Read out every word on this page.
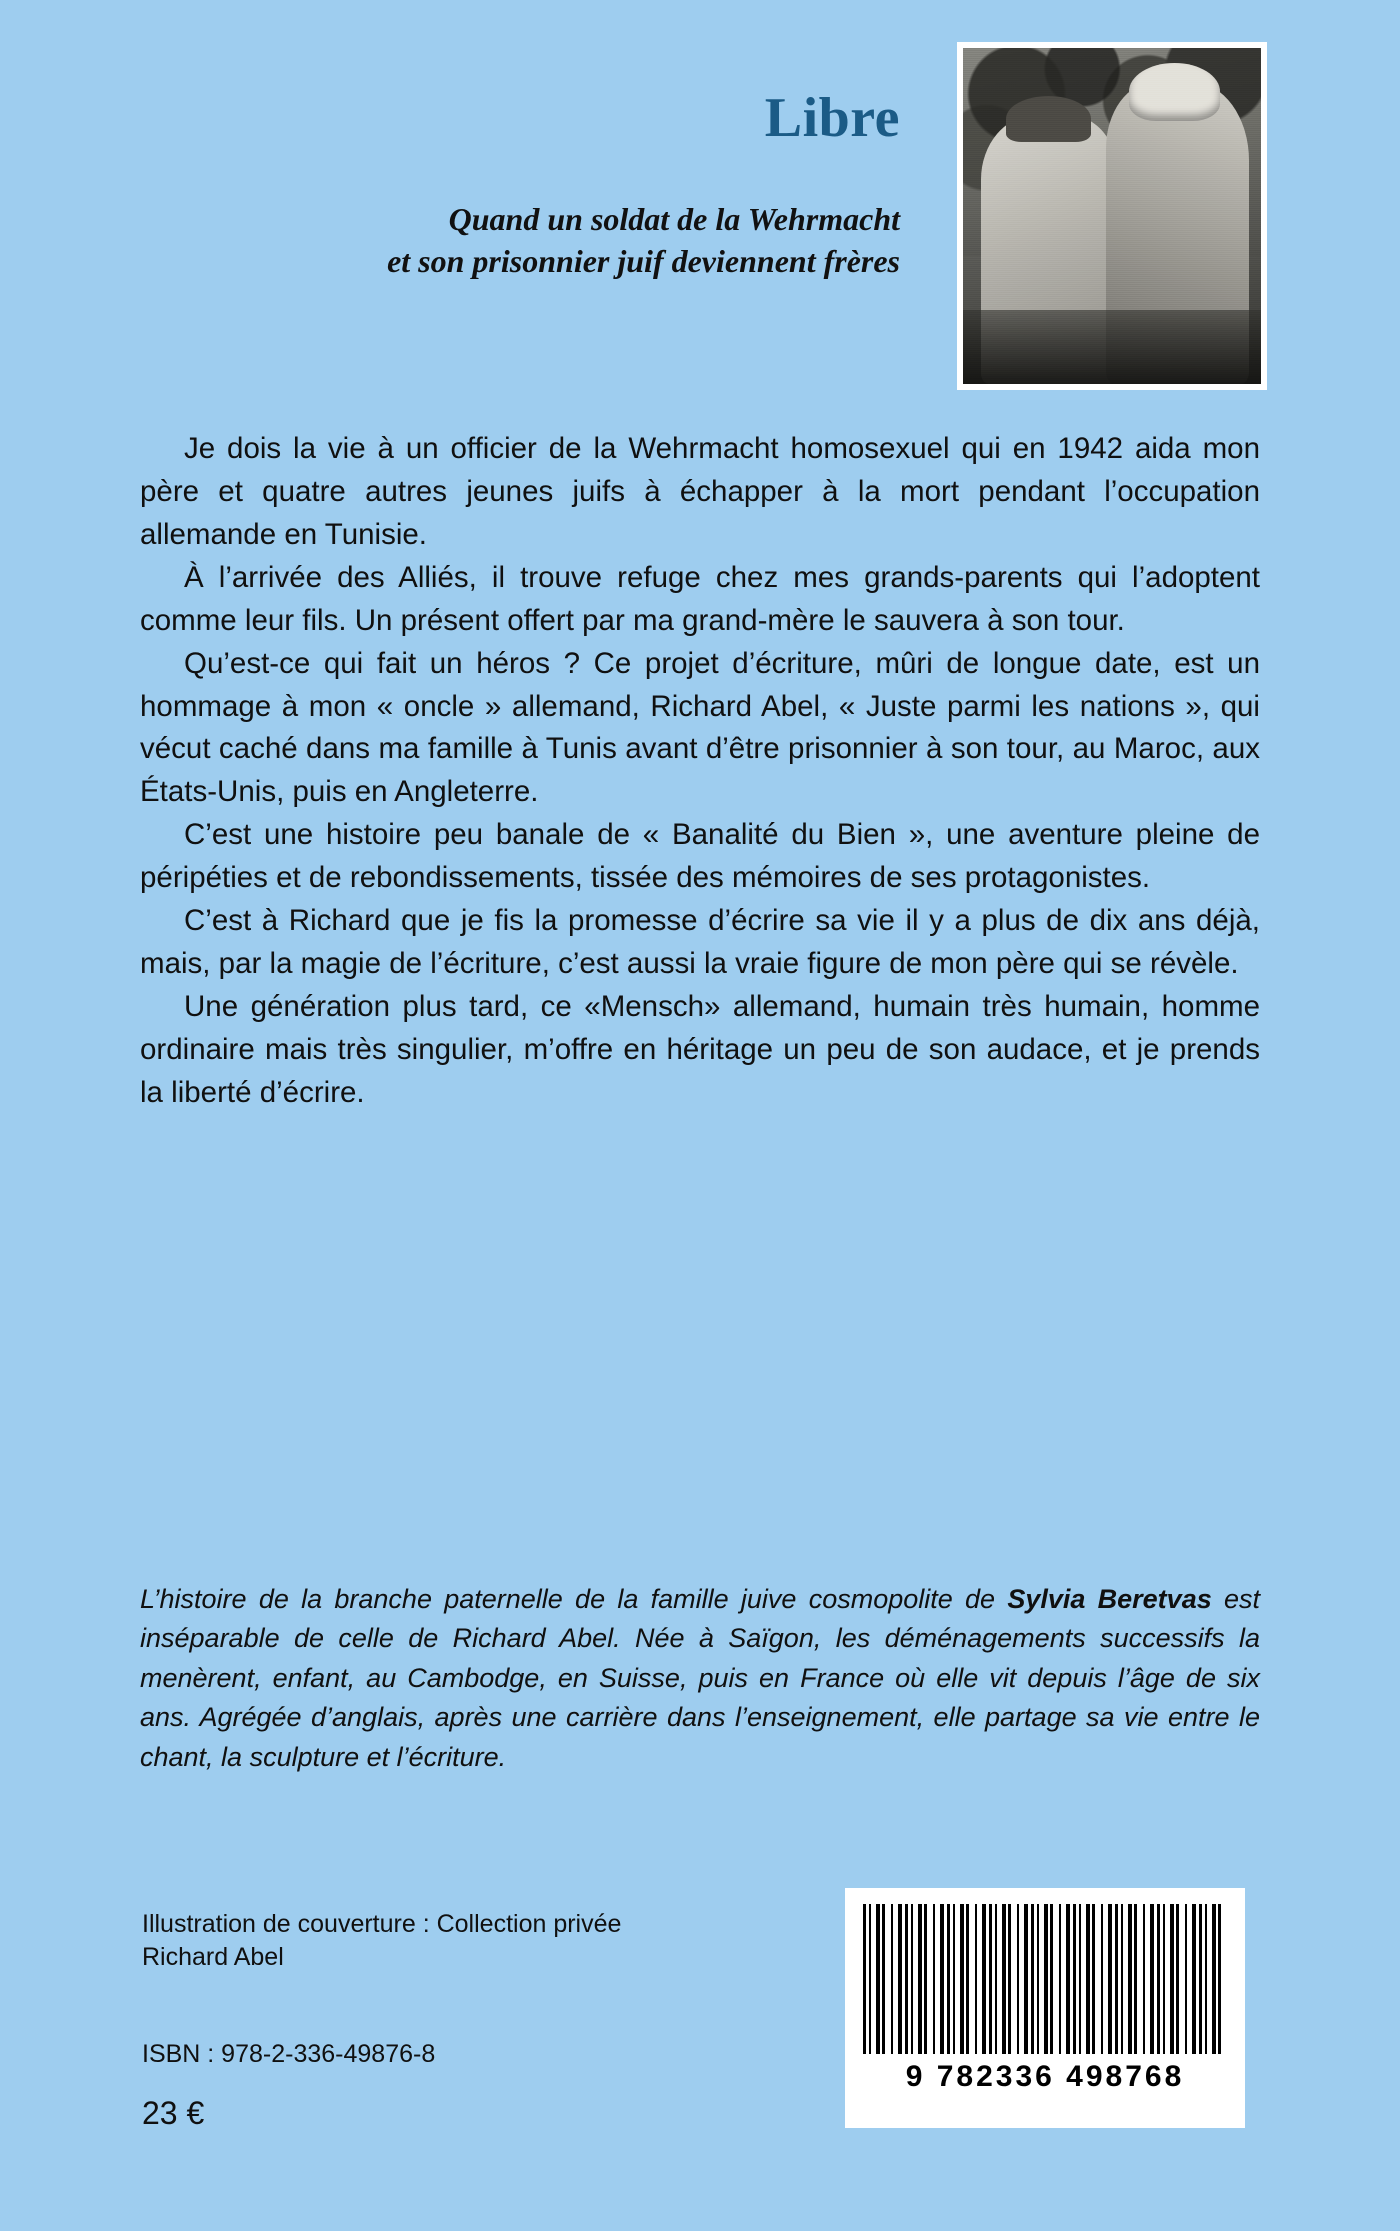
Libre
Quand un soldat de la Wehrmacht
et son prisonnier juif deviennent frères

Je dois la vie à un officier de la Wehrmacht homosexuel qui en 1942 aida mon père et quatre autres jeunes juifs à échapper à la mort pendant l’occupation allemande en Tunisie.

À l’arrivée des Alliés, il trouve refuge chez mes grands-parents qui l’adoptent comme leur fils. Un présent offert par ma grand-mère le sauvera à son tour.

Qu’est-ce qui fait un héros ? Ce projet d’écriture, mûri de longue date, est un hommage à mon « oncle » allemand, Richard Abel, « Juste parmi les nations », qui vécut caché dans ma famille à Tunis avant d’être prisonnier à son tour, au Maroc, aux États-Unis, puis en Angleterre.

C’est une histoire peu banale de « Banalité du Bien », une aventure pleine de péripéties et de rebondissements, tissée des mémoires de ses protagonistes.

C’est à Richard que je fis la promesse d’écrire sa vie il y a plus de dix ans déjà, mais, par la magie de l’écriture, c’est aussi la vraie figure de mon père qui se révèle.

Une génération plus tard, ce «Mensch» allemand, humain très humain, homme ordinaire mais très singulier, m’offre en héritage un peu de son audace, et je prends la liberté d’écrire.

L’histoire de la branche paternelle de la famille juive cosmopolite de Sylvia Beretvas est inséparable de celle de Richard Abel. Née à Saïgon, les déménagements successifs la menèrent, enfant, au Cambodge, en Suisse, puis en France où elle vit depuis l’âge de six ans. Agrégée d’anglais, après une carrière dans l’enseignement, elle partage sa vie entre le chant, la sculpture et l’écriture.
Illustration de couverture : Collection privée
Richard Abel
ISBN : 978-2-336-49876-8
23 €
9 782336 498768
